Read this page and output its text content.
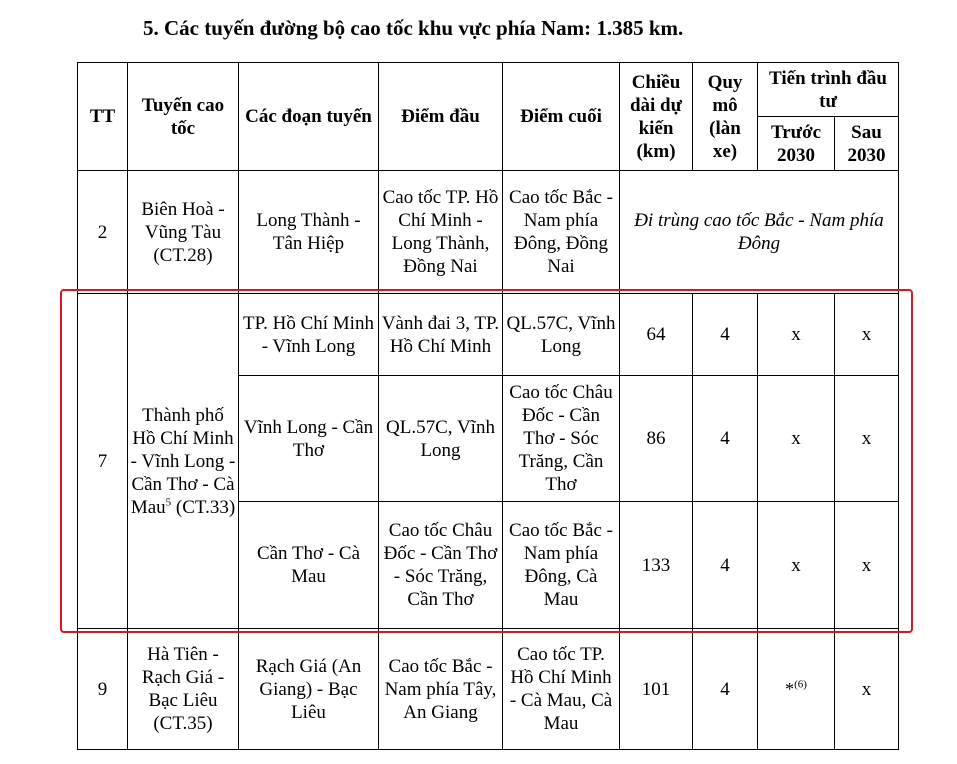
5. Các tuyến đường bộ cao tốc khu vực phía Nam: 1.385 km.
TT	Tuyến cao tốc	Các đoạn tuyến	Điểm đầu	Điểm cuối	Chiều dài dự kiến (km)	Quy mô (làn xe)	Tiến trình đầu tư	
							Trước 2030	Sau 2030
2	Biên Hoà - Vũng Tàu (CT.28)	Long Thành - Tân Hiệp	Cao tốc TP. Hồ Chí Minh - Long Thành, Đồng Nai	Cao tốc Bắc - Nam phía Đông, Đồng Nai	Đi trùng cao tốc Bắc - Nam phía Đông			
7	Thành phố Hồ Chí Minh - Vĩnh Long - Cần Thơ - Cà Mau$^5$ (CT.33)	TP. Hồ Chí Minh - Vĩnh Long	Vành đai 3, TP. Hồ Chí Minh	QL.57C, Vĩnh Long	64	4	x	x
		Vĩnh Long - Cần Thơ	QL.57C, Vĩnh Long	Cao tốc Châu Đốc - Cần Thơ - Sóc Trăng, Cần Thơ	86	4	x	x
		Cần Thơ - Cà Mau	Cao tốc Châu Đốc - Cần Thơ - Sóc Trăng, Cần Thơ	Cao tốc Bắc - Nam phía Đông, Cà Mau	133	4	x	x
9	Hà Tiên - Rạch Giá - Bạc Liêu (CT.35)	Rạch Giá (An Giang) - Bạc Liêu	Cao tốc Bắc - Nam phía Tây, An Giang	Cao tốc TP. Hồ Chí Minh - Cà Mau, Cà Mau	101	4	*$^{(6)}$	x
